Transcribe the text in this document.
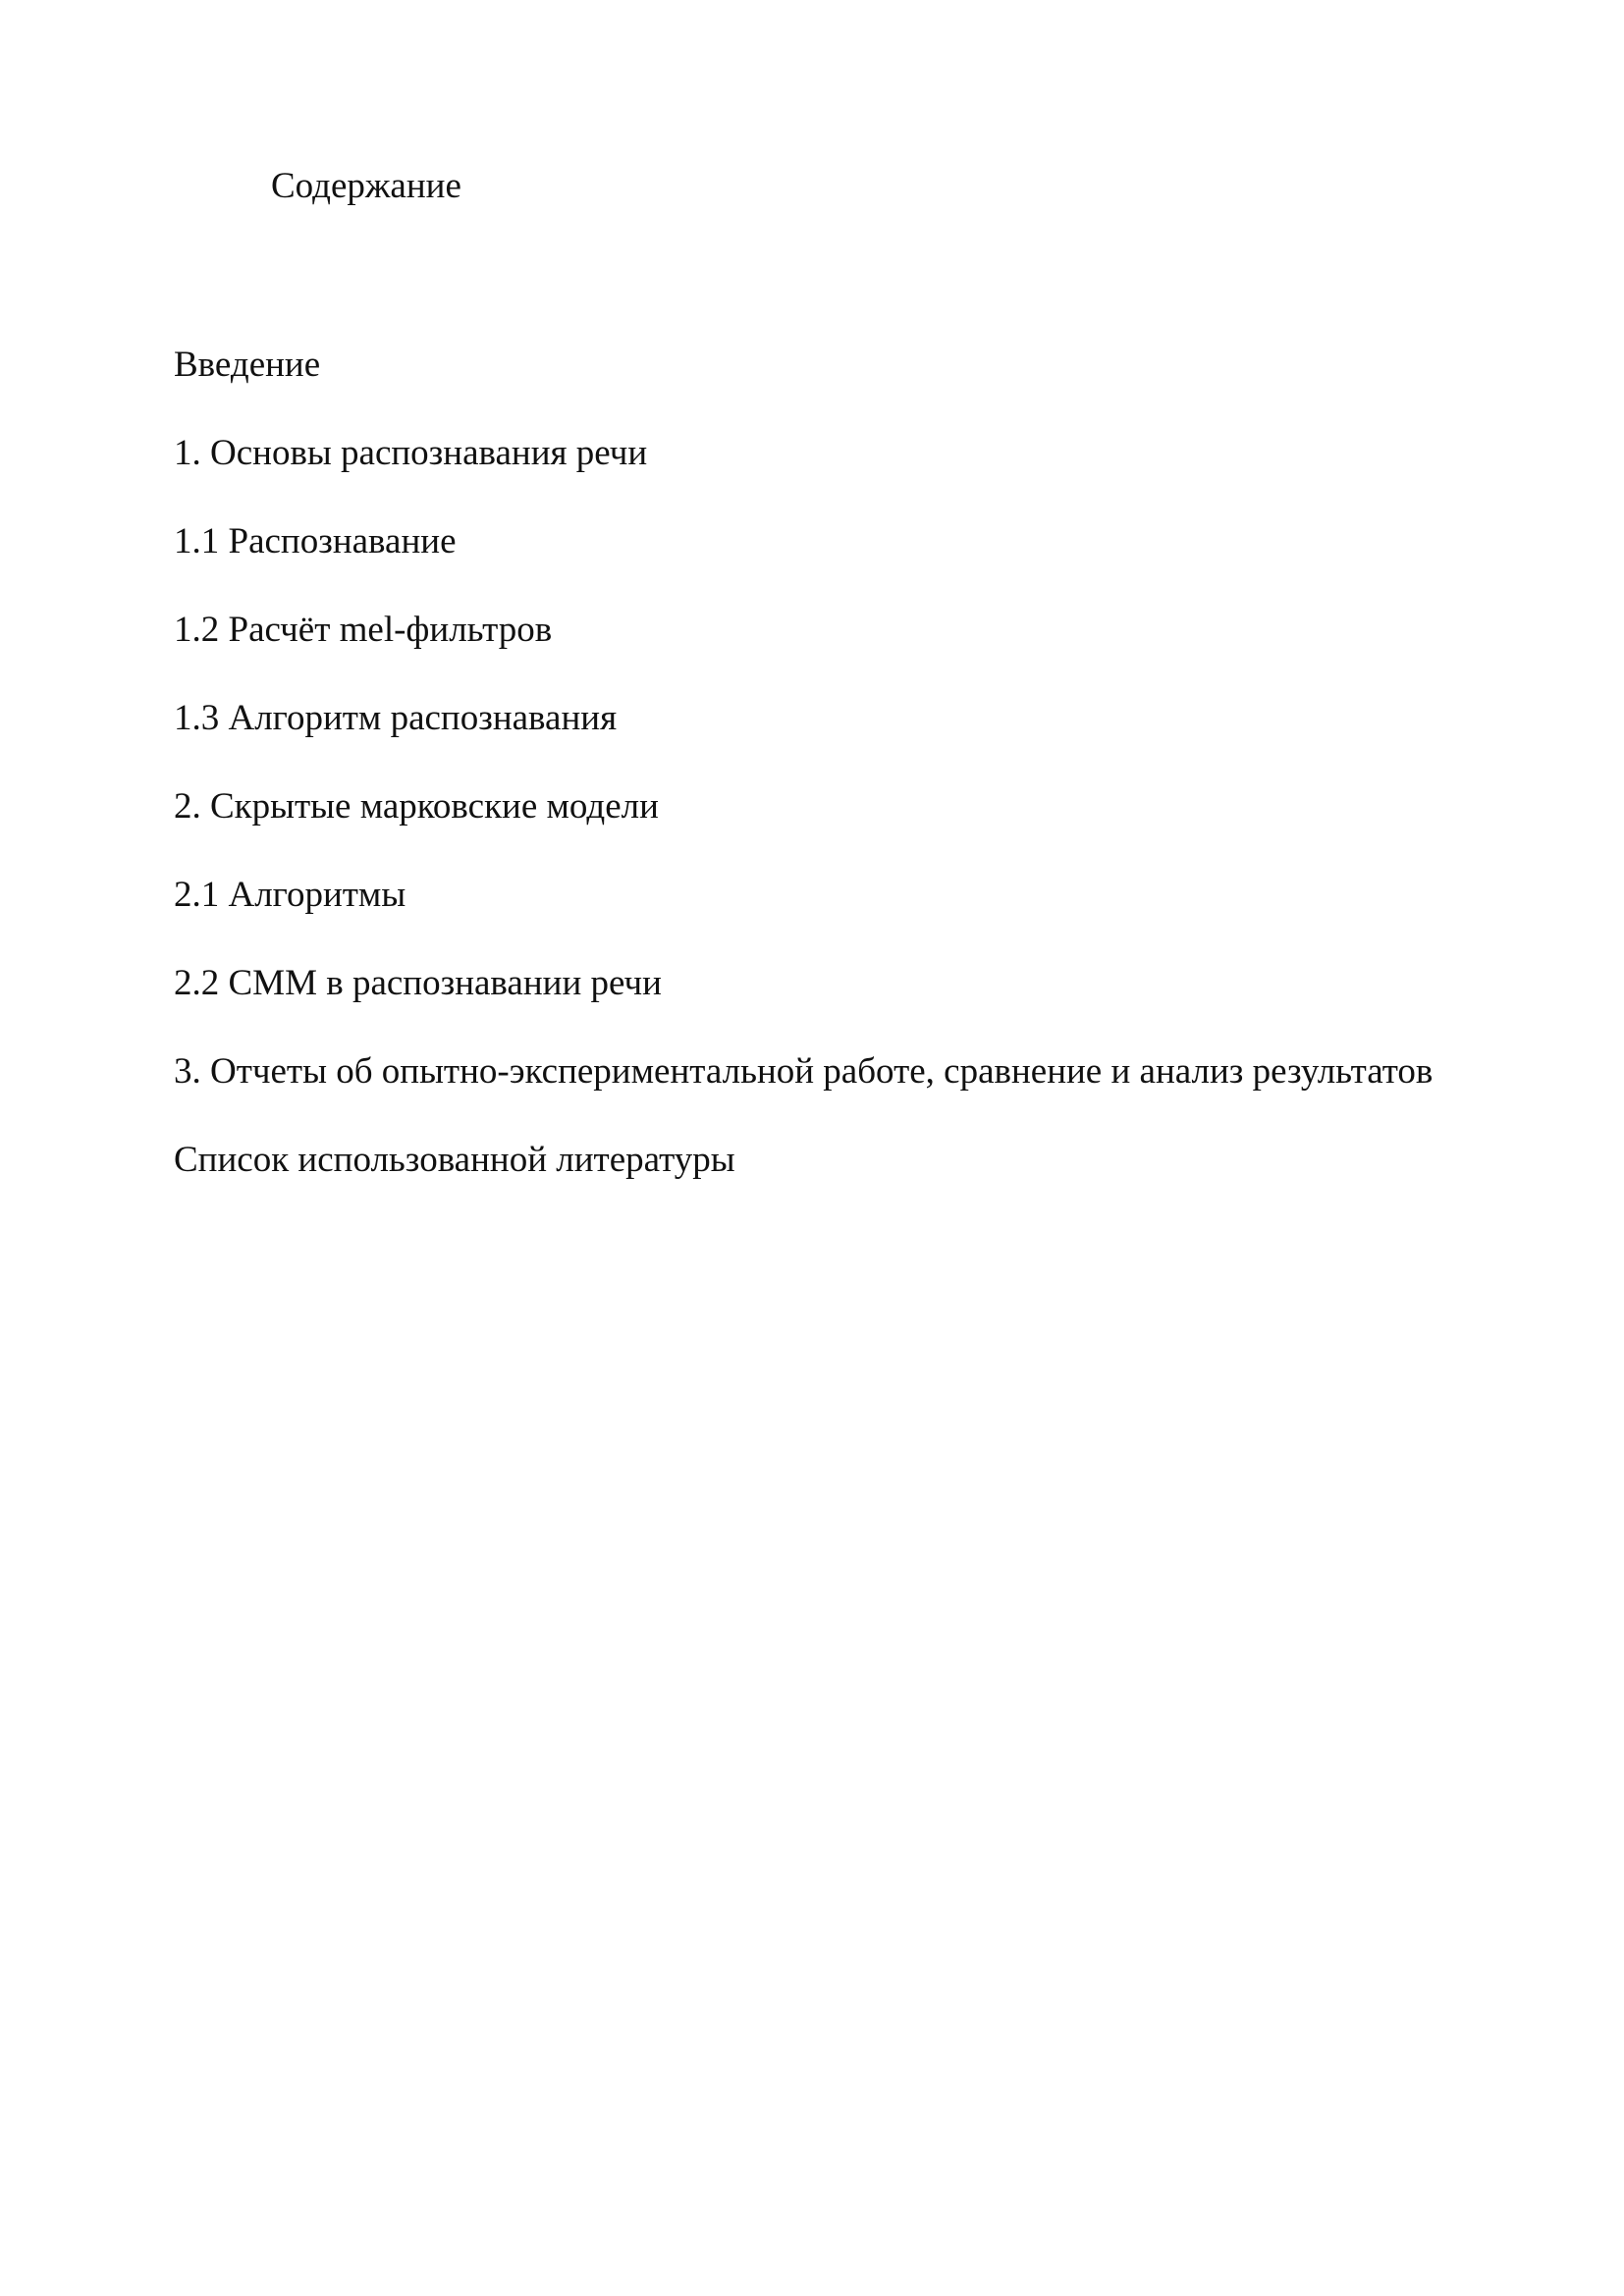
Содержание
Введение
1. Основы распознавания речи
1.1 Распознавание
1.2 Расчёт mel-фильтров
1.3 Алгоритм распознавания
2. Скрытые марковские модели
2.1 Алгоритмы
2.2 СММ в распознавании речи
3. Отчеты об опытно-экспериментальной работе, сравнение и анализ результатов
Список использованной литературы
